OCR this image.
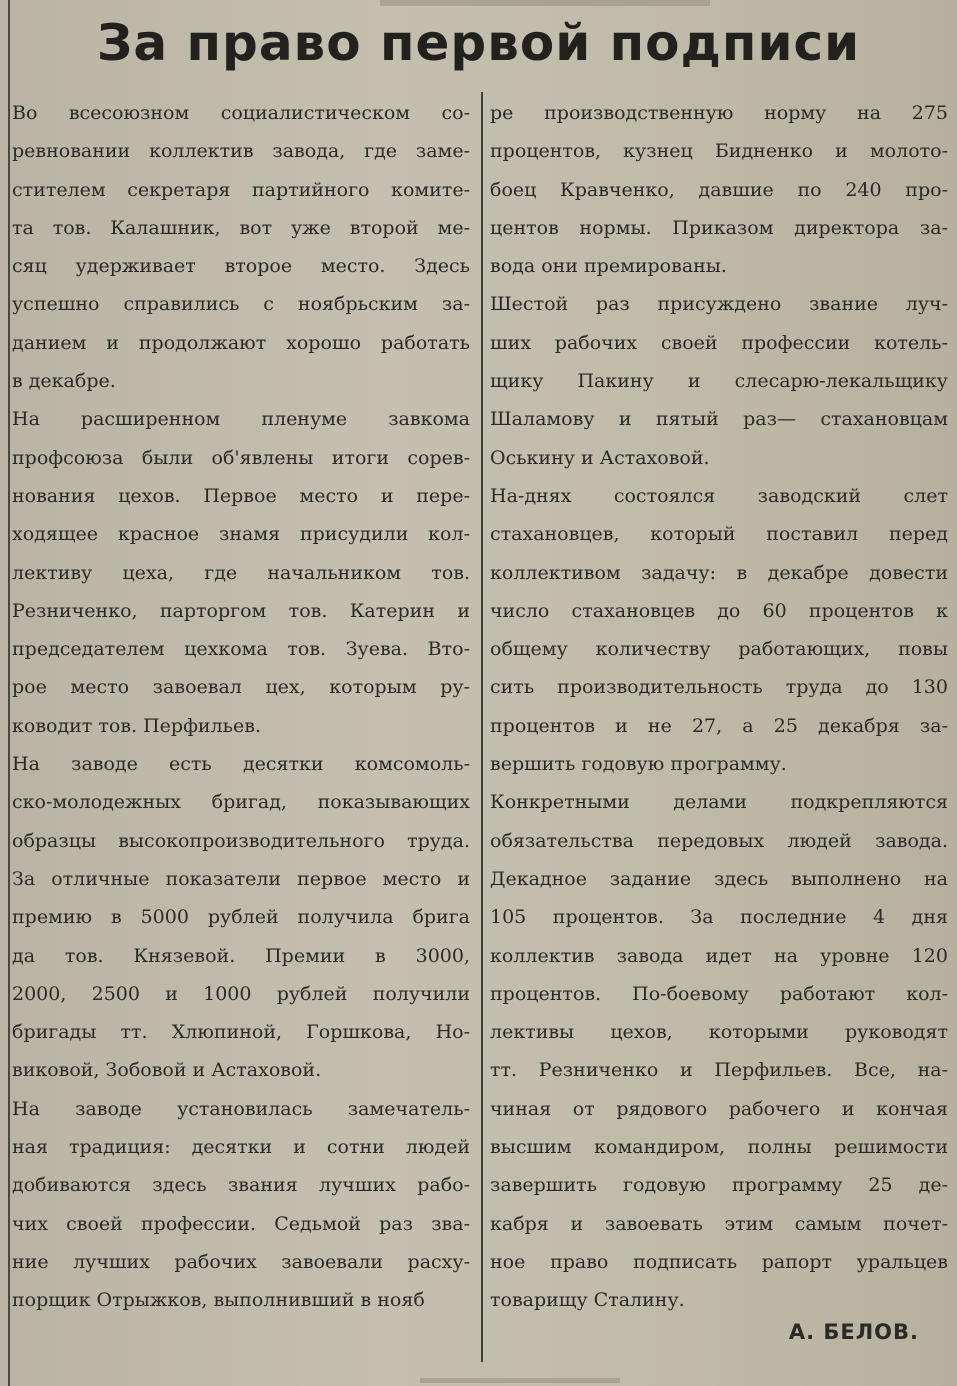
За право первой подписи
Во всесоюзном социалистическом со-
ревновании коллектив завода, где заме-
стителем секретаря партийного комите-
та тов. Калашник, вот уже второй ме-
сяц удерживает второе место. Здесь
успешно справились с ноябрьским за-
данием и продолжают хорошо работать
в декабре.
На расширенном пленуме завкома
профсоюза были об'явлены итоги сорев-
нования цехов. Первое место и пере-
ходящее красное знамя присудили кол-
лективу цеха, где начальником тов.
Резниченко, парторгом тов. Катерин и
председателем цехкома тов. Зуева. Вто-
рое место завоевал цех, которым ру-
ководит тов. Перфильев.
На заводе есть десятки комсомоль-
ско-молодежных бригад, показывающих
образцы высокопроизводительного труда.
За отличные показатели первое место и
премию в 5000 рублей получила брига
да тов. Князевой. Премии в 3000,
2000, 2500 и 1000 рублей получили
бригады тт. Хлюпиной, Горшкова, Но-
виковой, Зобовой и Астаховой.
На заводе установилась замечатель-
ная традиция: десятки и сотни людей
добиваются здесь звания лучших рабо-
чих своей профессии. Седьмой раз зва-
ние лучших рабочих завоевали расху-
порщик Отрыжков, выполнивший в нояб
ре производственную норму на 275
процентов, кузнец Бидненко и молото-
боец Кравченко, давшие по 240 про-
центов нормы. Приказом директора за-
вода они премированы.
Шестой раз присуждено звание луч-
ших рабочих своей профессии котель-
щику Пакину и слесарю-лекальщику
Шаламову и пятый раз— стахановцам
Оськину и Астаховой.
На-днях состоялся заводский слет
стахановцев, который поставил перед
коллективом задачу: в декабре довести
число стахановцев до 60 процентов к
общему количеству работающих, повы
сить производительность труда до 130
процентов и не 27, а 25 декабря за-
вершить годовую программу.
Конкретными делами подкрепляются
обязательства передовых людей завода.
Декадное задание здесь выполнено на
105 процентов. За последние 4 дня
коллектив завода идет на уровне 120
процентов. По-боевому работают кол-
лективы цехов, которыми руководят
тт. Резниченко и Перфильев. Все, на-
чиная от рядового рабочего и кончая
высшим командиром, полны решимости
завершить годовую программу 25 де-
кабря и завоевать этим самым почет-
ное право подписать рапорт уральцев
товарищу Сталину.
А. БЕЛОВ.
